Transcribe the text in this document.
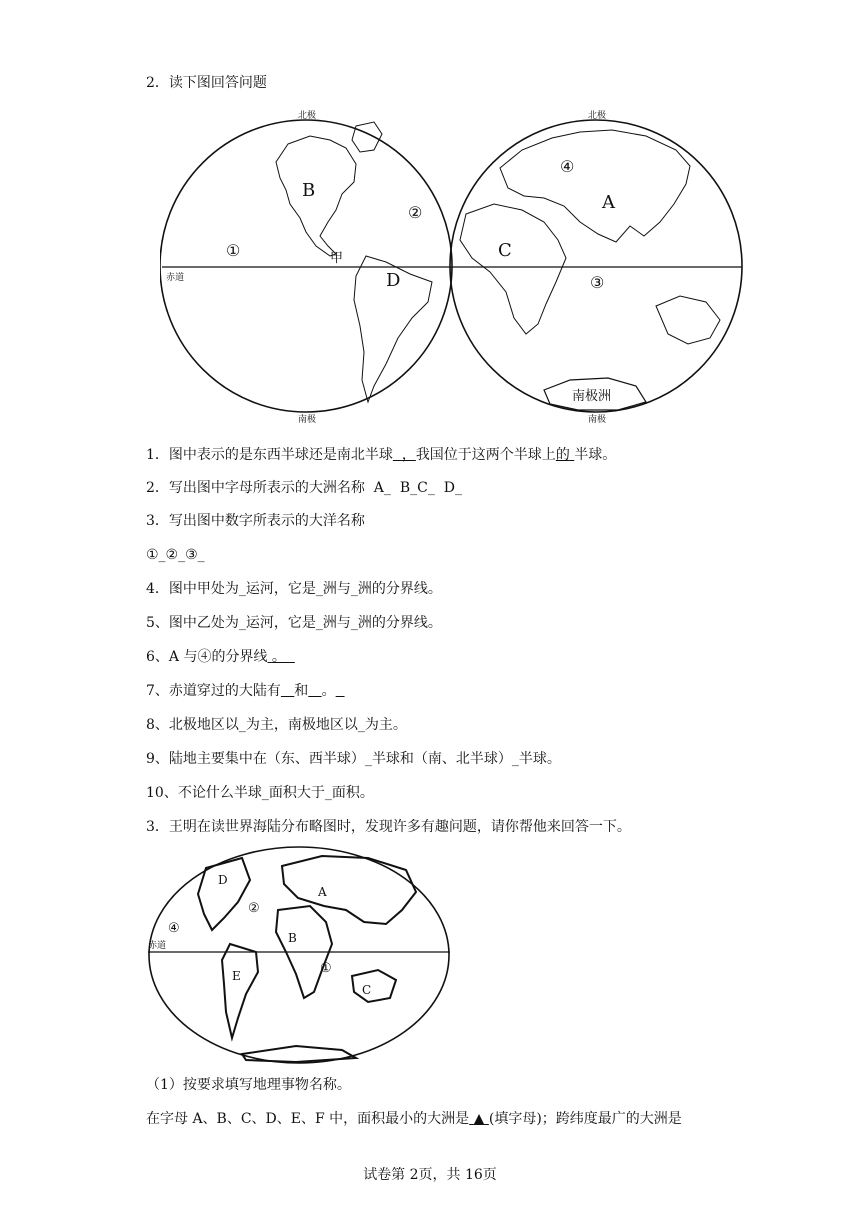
2．读下图回答问题
北极	北极
南极	南极
赤道
南极洲
B
D
C
A
①
②
③
④
甲
1．图中表示的是东西半球还是南北半球 ，我国位于这两个半球上的 半球。
2．写出图中字母所表示的大洲名称  A_  B_C_  D_
3．写出图中数字所表示的大洋名称
①_②_③_
4．图中甲处为_运河，它是_洲与_洲的分界线。
5、图中乙处为_运河，它是_洲与_洲的分界线。
6、A 与④的分界线 。
7、赤道穿过的大陆有 和 。
8、北极地区以_为主，南极地区以_为主。
9、陆地主要集中在（东、西半球）_半球和（南、北半球）_半球。
10、不论什么半球_面积大于_面积。
3．王明在读世界海陆分布略图时，发现许多有趣问题，请你帮他来回答一下。
赤道
D
A
B
E
C
①
②
④
（1）按要求填写地理事物名称。
在字母 A、B、C、D、E、F 中，面积最小的大洲是 ▲ (填字母)；跨纬度最广的大洲是
试卷第 2页，共 16页
